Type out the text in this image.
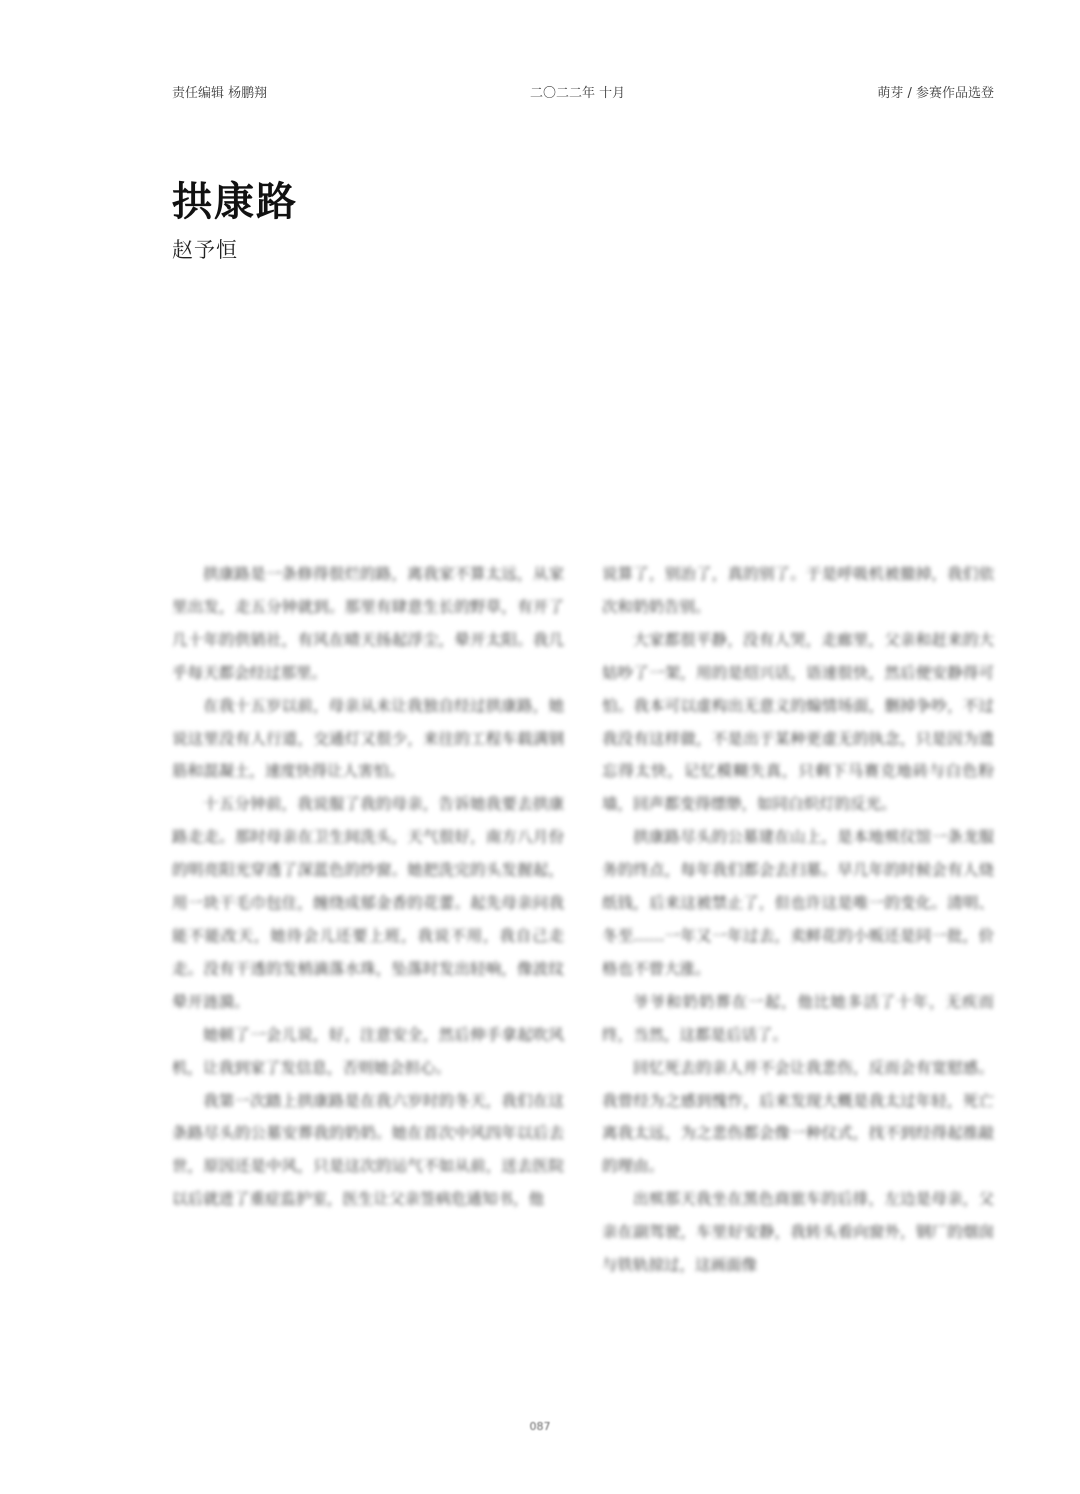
责任编辑 杨鹏翔	二〇二二年 十月	萌芽 / 参赛作品选登
拱康路
赵予恒

拱康路是一条修得很烂的路，离我家不算太远，从家里出发，走五分钟就到。那里有肆意生长的野草，有开了几十年的供销社，有风在晴天扬起浮尘，晕开太阳。我几乎每天都会经过那里。

在我十五岁以前，母亲从未让我独自经过拱康路，她说这里没有人行道，交通灯又很少，来往的工程车载满钢筋和混凝土，速度快得让人害怕。

十五分钟前，我说服了我的母亲，告诉她我要去拱康路走走。那时母亲在卫生间洗头，天气很好，南方八月份的明亮阳光穿透了深蓝色的纱窗。她把洗完的头发握起，用一块干毛巾包住，缠绕成郁金香的花蕾。起先母亲问我能不能改天，她待会儿还要上班，我说不用，我自己走走。没有干透的发梢滴落水珠，坠落时发出轻响，像波纹晕开涟漪。

她顿了一会儿说，好，注意安全，然后伸手拿起吹风机，让我到家了发信息，否则她会担心。

我第一次踏上拱康路是在我六岁时的冬天，我们在这条路尽头的公墓安葬我的奶奶。她在首次中风四年以后去世，原因还是中风，只是这次的运气不如从前，送去医院以后就进了重症监护室，医生让父亲签病危通知书，他

说算了，别治了，真的别了。于是呼吸机被撤掉，我们依次和奶奶告别。

大家都很平静，没有人哭，走廊里，父亲和赶来的大姑吵了一架，用的是绍兴话，语速很快，然后便安静得可怕。我本可以虚构出无意义的煽情场面，删掉争吵，不过我没有这样做，不是出于某种更虚无的执念，只是因为遗忘得太快，记忆模糊失真，只剩下马赛克地砖与白色粉墙，回声都变得缥缈，如同白炽灯的反光。

拱康路尽头的公墓建在山上，是本地殡仪馆一条龙服务的终点，每年我们都会去扫墓。早几年的时候会有人烧纸钱，后来这被禁止了，但也许这是唯一的变化。清明、冬至……一年又一年过去，卖鲜花的小贩还是同一批，价格也不曾大涨。

爷爷和奶奶葬在一起，他比她多活了十年，无疾而终，当然，这都是后话了。

回忆死去的亲人并不会让我悲伤，反而会有宽慰感。我曾经为之感到愧怍，后来发现大概是我太过年轻，死亡离我太远，为之悲伤都会像一种仪式，找不到经得起推敲的理由。

出殡那天我坐在黑色商旅车的后排，左边是母亲，父亲在副驾驶，车里好安静，我转头看向窗外，钢厂的烟囱与铁轨掠过，这画面像

087
